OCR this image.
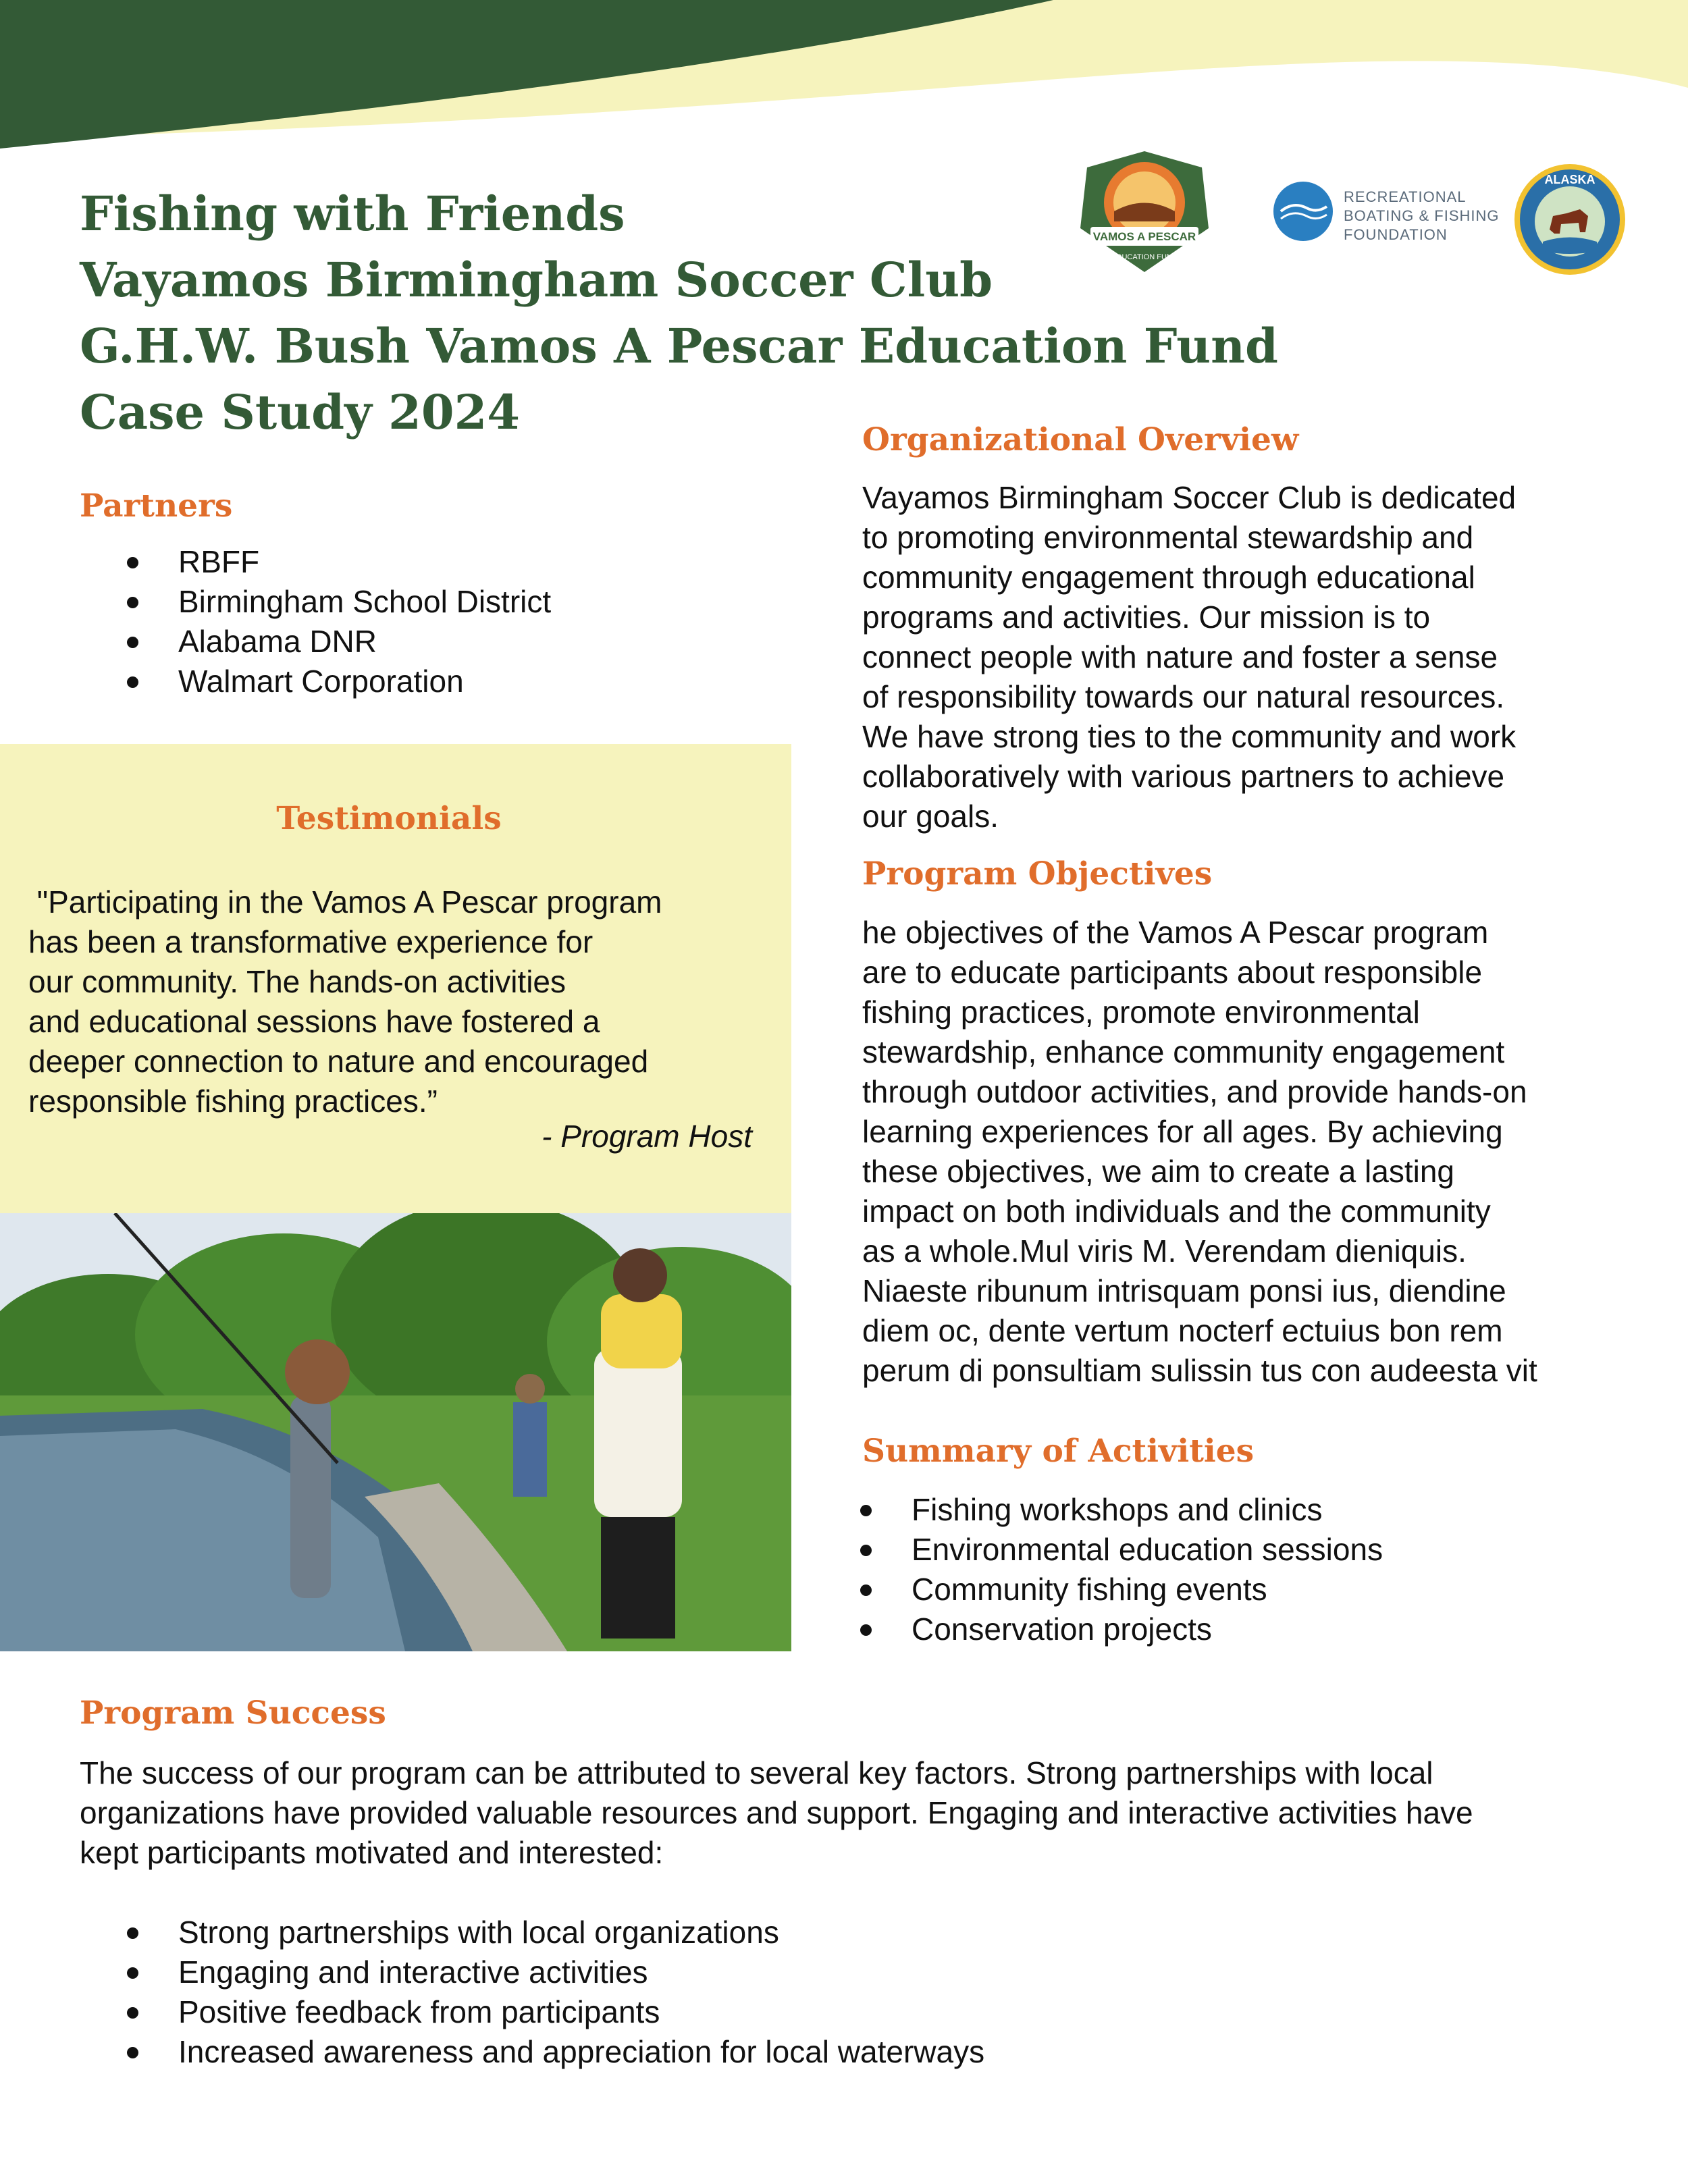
Fishing with Friends
Vayamos Birmingham Soccer Club
G.H.W. Bush Vamos A Pescar Education Fund
Case Study 2024
VAMOS A PESCAR
EDUCATION FUND
RECREATIONAL
BOATING & FISHING
FOUNDATION
ALASKA
Partners
RBFF
Birmingham School District
Alabama DNR
Walmart Corporation
Testimonials
"Participating in the Vamos A Pescar program
has been a transformative experience for
our community. The hands-on activities
and educational sessions have fostered a
deeper connection to nature and encouraged
responsible fishing practices.”
- Program Host
Organizational Overview
Vayamos Birmingham Soccer Club is dedicated
to promoting environmental stewardship and
community engagement through educational
programs and activities. Our mission is to
connect people with nature and foster a sense
of responsibility towards our natural resources.
We have strong ties to the community and work
collaboratively with various partners to achieve
our goals.
Program Objectives
he objectives of the Vamos A Pescar program
are to educate participants about responsible
fishing practices, promote environmental
stewardship, enhance community engagement
through outdoor activities, and provide hands-on
learning experiences for all ages. By achieving
these objectives, we aim to create a lasting
impact on both individuals and the community
as a whole.Mul viris M. Verendam dieniquis.
Niaeste ribunum intrisquam ponsi ius, diendine
diem oc, dente vertum nocterf ectuius bon rem
perum di ponsultiam sulissin tus con audeesta vit
Summary of Activities
Fishing workshops and clinics
Environmental education sessions
Community fishing events
Conservation projects
Program Success
The success of our program can be attributed to several key factors. Strong partnerships with local
organizations have provided valuable resources and support. Engaging and interactive activities have
kept participants motivated and interested:
Strong partnerships with local organizations
Engaging and interactive activities
Positive feedback from participants
Increased awareness and appreciation for local waterways
